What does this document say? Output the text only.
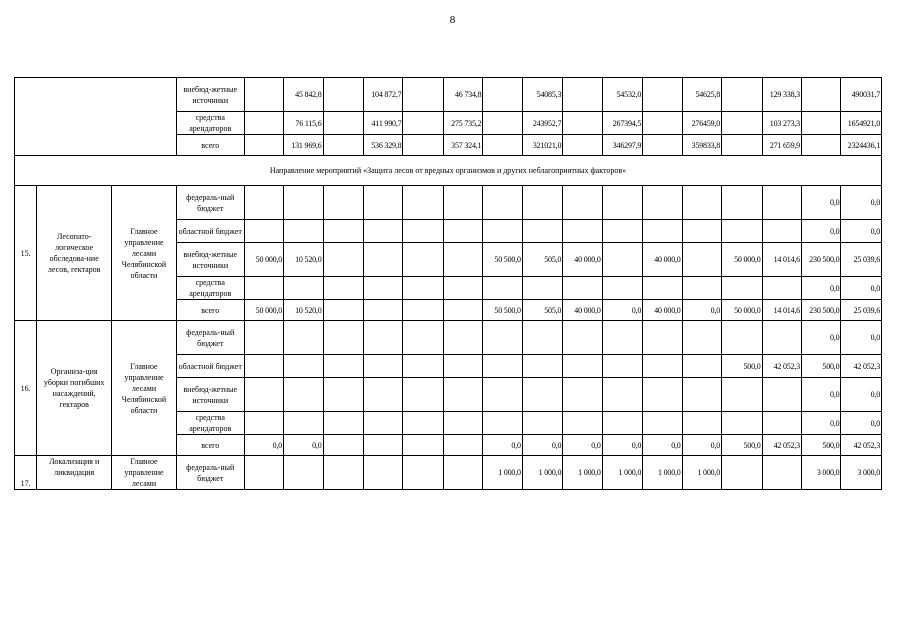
8
			внебюд-жетные источники		45 842,8		104 872,7		46 734,8		54085,3		54532,0		54625,8		129 338,3		490031,7
			средства арендаторов		76 115,6		411 990,7		275 735,2		243952,7		267394,5		276459,0		103 273,3		1654921,0
			всего		131 969,6		536 329,8		357 324,1		321021,0		346297,9		359833,8		271 659,9		2324436,1
Направление мероприятий «Защита лесов от вредных организмов и других неблагоприятных факторов»																			
15.	Лесопато-логическое обследова-ние лесов, гектаров	Главное управление лесами Челябинской области	федераль-ный бюджет															0,0	0,0
			областной бюджет															0,0	0,0
			внебюд-жетные источники	50 000,0	10 520,0					50 500,0	505,0	40 000,0		40 000,0		50 000,0	14 014,6	230 500,0	25 039,6
			средства арендаторов															0,0	0,0
			всего	50 000,0	10 520,0					50 500,0	505,0	40 000,0	0,0	40 000,0	0,0	50 000,0	14 014,6	230 500,0	25 039,6
16.	Организа-ция уборки погибших насаждений, гектаров	Главное управление лесами Челябинской области	федераль-ный бюджет															0,0	0,0
			областной бюджет													500,0	42 052,3	500,0	42 052,3
			внебюд-жетные источники															0,0	0,0
			средства арендаторов															0,0	0,0
			всего	0,0	0,0					0,0	0,0	0,0	0,0	0,0	0,0	500,0	42 052,3	500,0	42 052,3
17.	Локализация и ликвидация	Главное управление лесами	федераль-ный бюджет							1 000,0	1 000,0	1 000,0	1 000,0	1 000,0	1 000,0			3 000,0	3 000,0
